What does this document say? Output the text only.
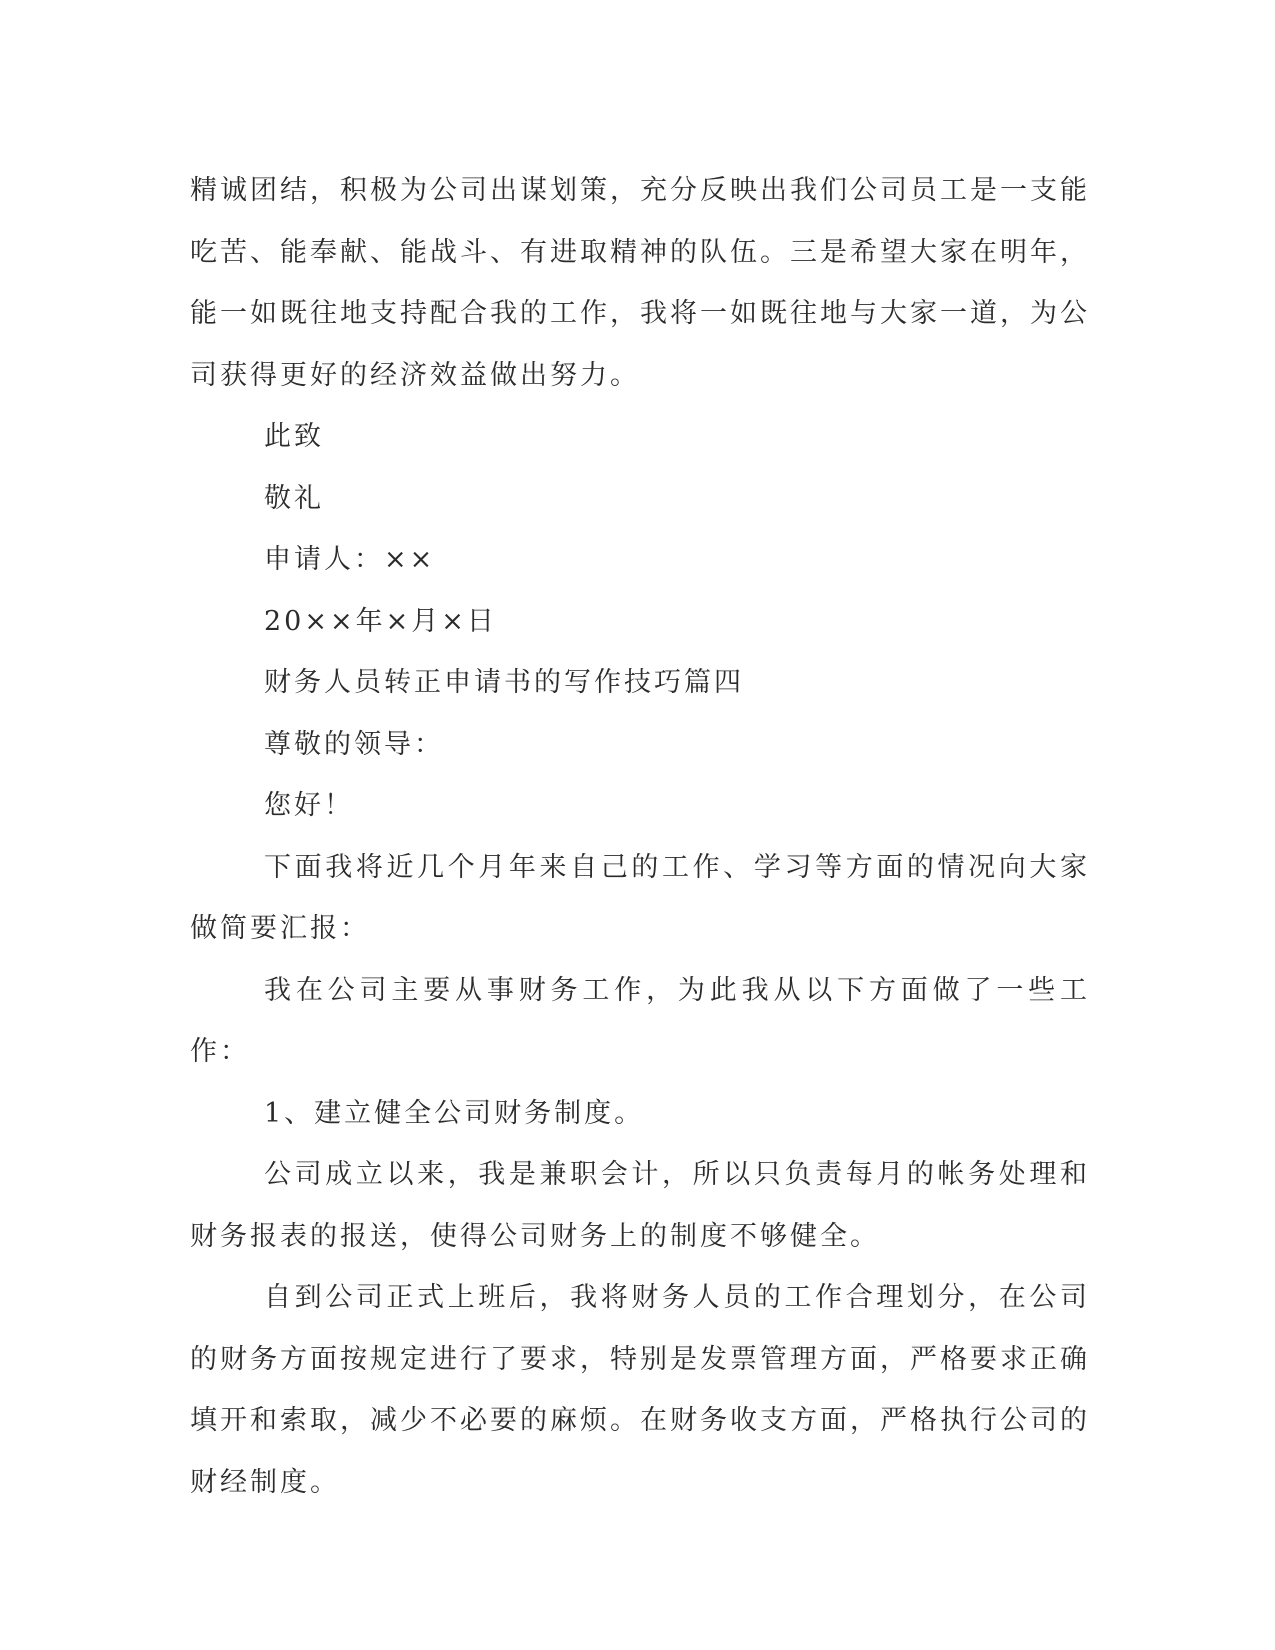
精诚团结，积极为公司出谋划策，充分反映出我们公司员工是一支能吃苦、能奉献、能战斗、有进取精神的队伍。三是希望大家在明年，能一如既往地支持配合我的工作，我将一如既往地与大家一道，为公司获得更好的经济效益做出努力。

此致

敬礼

申请人：××

20××年×月×日

财务人员转正申请书的写作技巧篇四

尊敬的领导：

您好！

下面我将近几个月年来自己的工作、学习等方面的情况向大家做简要汇报：

我在公司主要从事财务工作，为此我从以下方面做了一些工作：

1、建立健全公司财务制度。

公司成立以来，我是兼职会计，所以只负责每月的帐务处理和财务报表的报送，使得公司财务上的制度不够健全。

自到公司正式上班后，我将财务人员的工作合理划分，在公司的财务方面按规定进行了要求，特别是发票管理方面，严格要求正确填开和索取，减少不必要的麻烦。在财务收支方面，严格执行公司的财经制度。
